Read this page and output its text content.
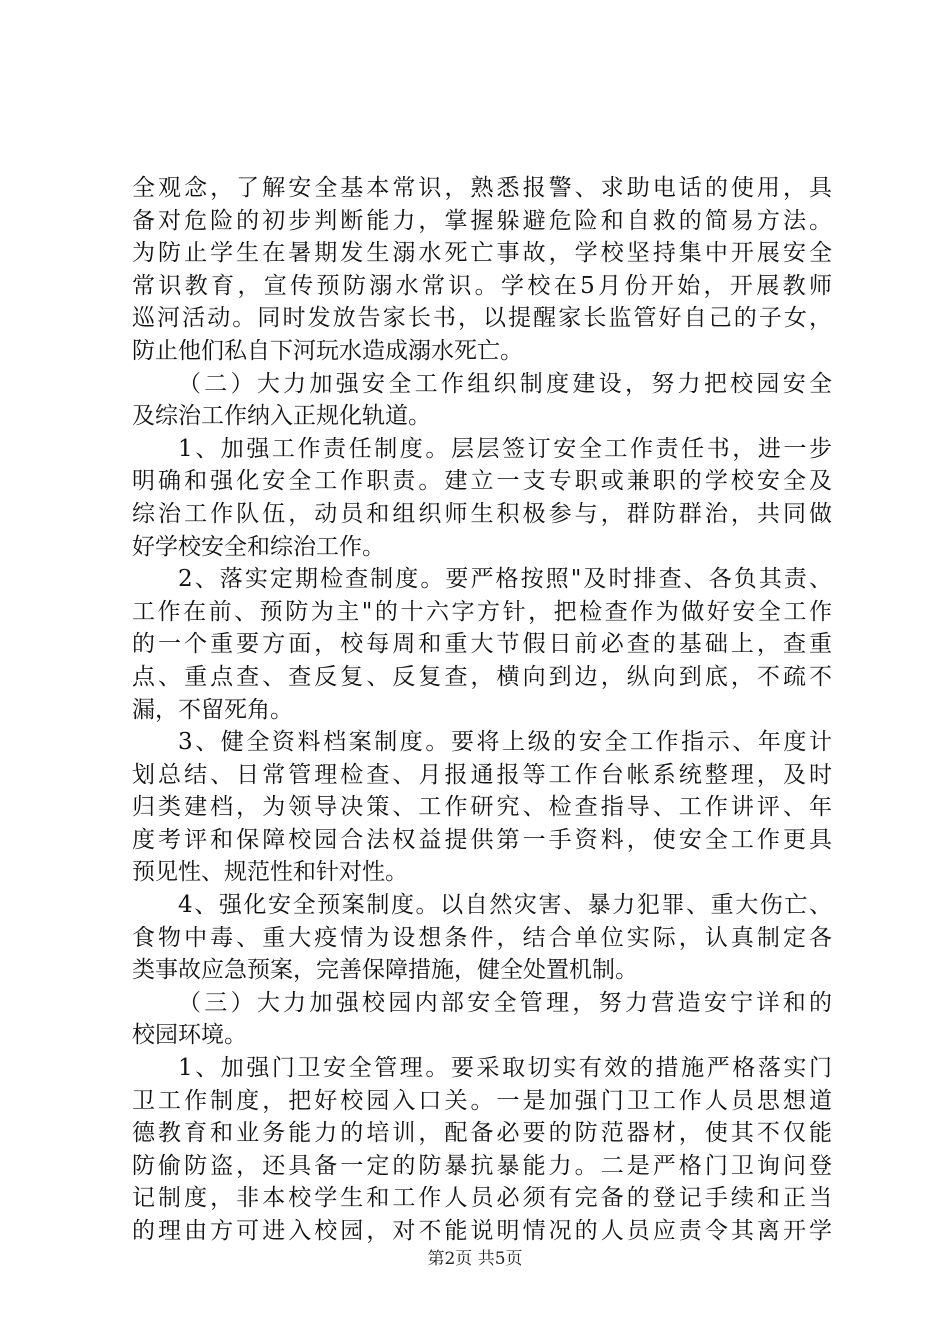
全观念，了解安全基本常识，熟悉报警、求助电话的使用，具
备对危险的初步判断能力，掌握躲避危险和自救的简易方法。
为防止学生在暑期发生溺水死亡事故，学校坚持集中开展安全
常识教育，宣传预防溺水常识。学校在5月份开始，开展教师
巡河活动。同时发放告家长书，以提醒家长监管好自己的子女，
防止他们私自下河玩水造成溺水死亡。
（二）大力加强安全工作组织制度建设，努力把校园安全
及综治工作纳入正规化轨道。
1、加强工作责任制度。层层签订安全工作责任书，进一步
明确和强化安全工作职责。建立一支专职或兼职的学校安全及
综治工作队伍，动员和组织师生积极参与，群防群治，共同做
好学校安全和综治工作。
2、落实定期检查制度。要严格按照"及时排查、各负其责、
工作在前、预防为主"的十六字方针，把检查作为做好安全工作
的一个重要方面，校每周和重大节假日前必查的基础上，查重
点、重点查、查反复、反复查，横向到边，纵向到底，不疏不
漏，不留死角。
3、健全资料档案制度。要将上级的安全工作指示、年度计
划总结、日常管理检查、月报通报等工作台帐系统整理，及时
归类建档，为领导决策、工作研究、检查指导、工作讲评、年
度考评和保障校园合法权益提供第一手资料，使安全工作更具
预见性、规范性和针对性。
4、强化安全预案制度。以自然灾害、暴力犯罪、重大伤亡、
食物中毒、重大疫情为设想条件，结合单位实际，认真制定各
类事故应急预案，完善保障措施，健全处置机制。
（三）大力加强校园内部安全管理，努力营造安宁详和的
校园环境。
1、加强门卫安全管理。要采取切实有效的措施严格落实门
卫工作制度，把好校园入口关。一是加强门卫工作人员思想道
德教育和业务能力的培训，配备必要的防范器材，使其不仅能
防偷防盗，还具备一定的防暴抗暴能力。二是严格门卫询问登
记制度，非本校学生和工作人员必须有完备的登记手续和正当
的理由方可进入校园，对不能说明情况的人员应责令其离开学
第2页 共5页
